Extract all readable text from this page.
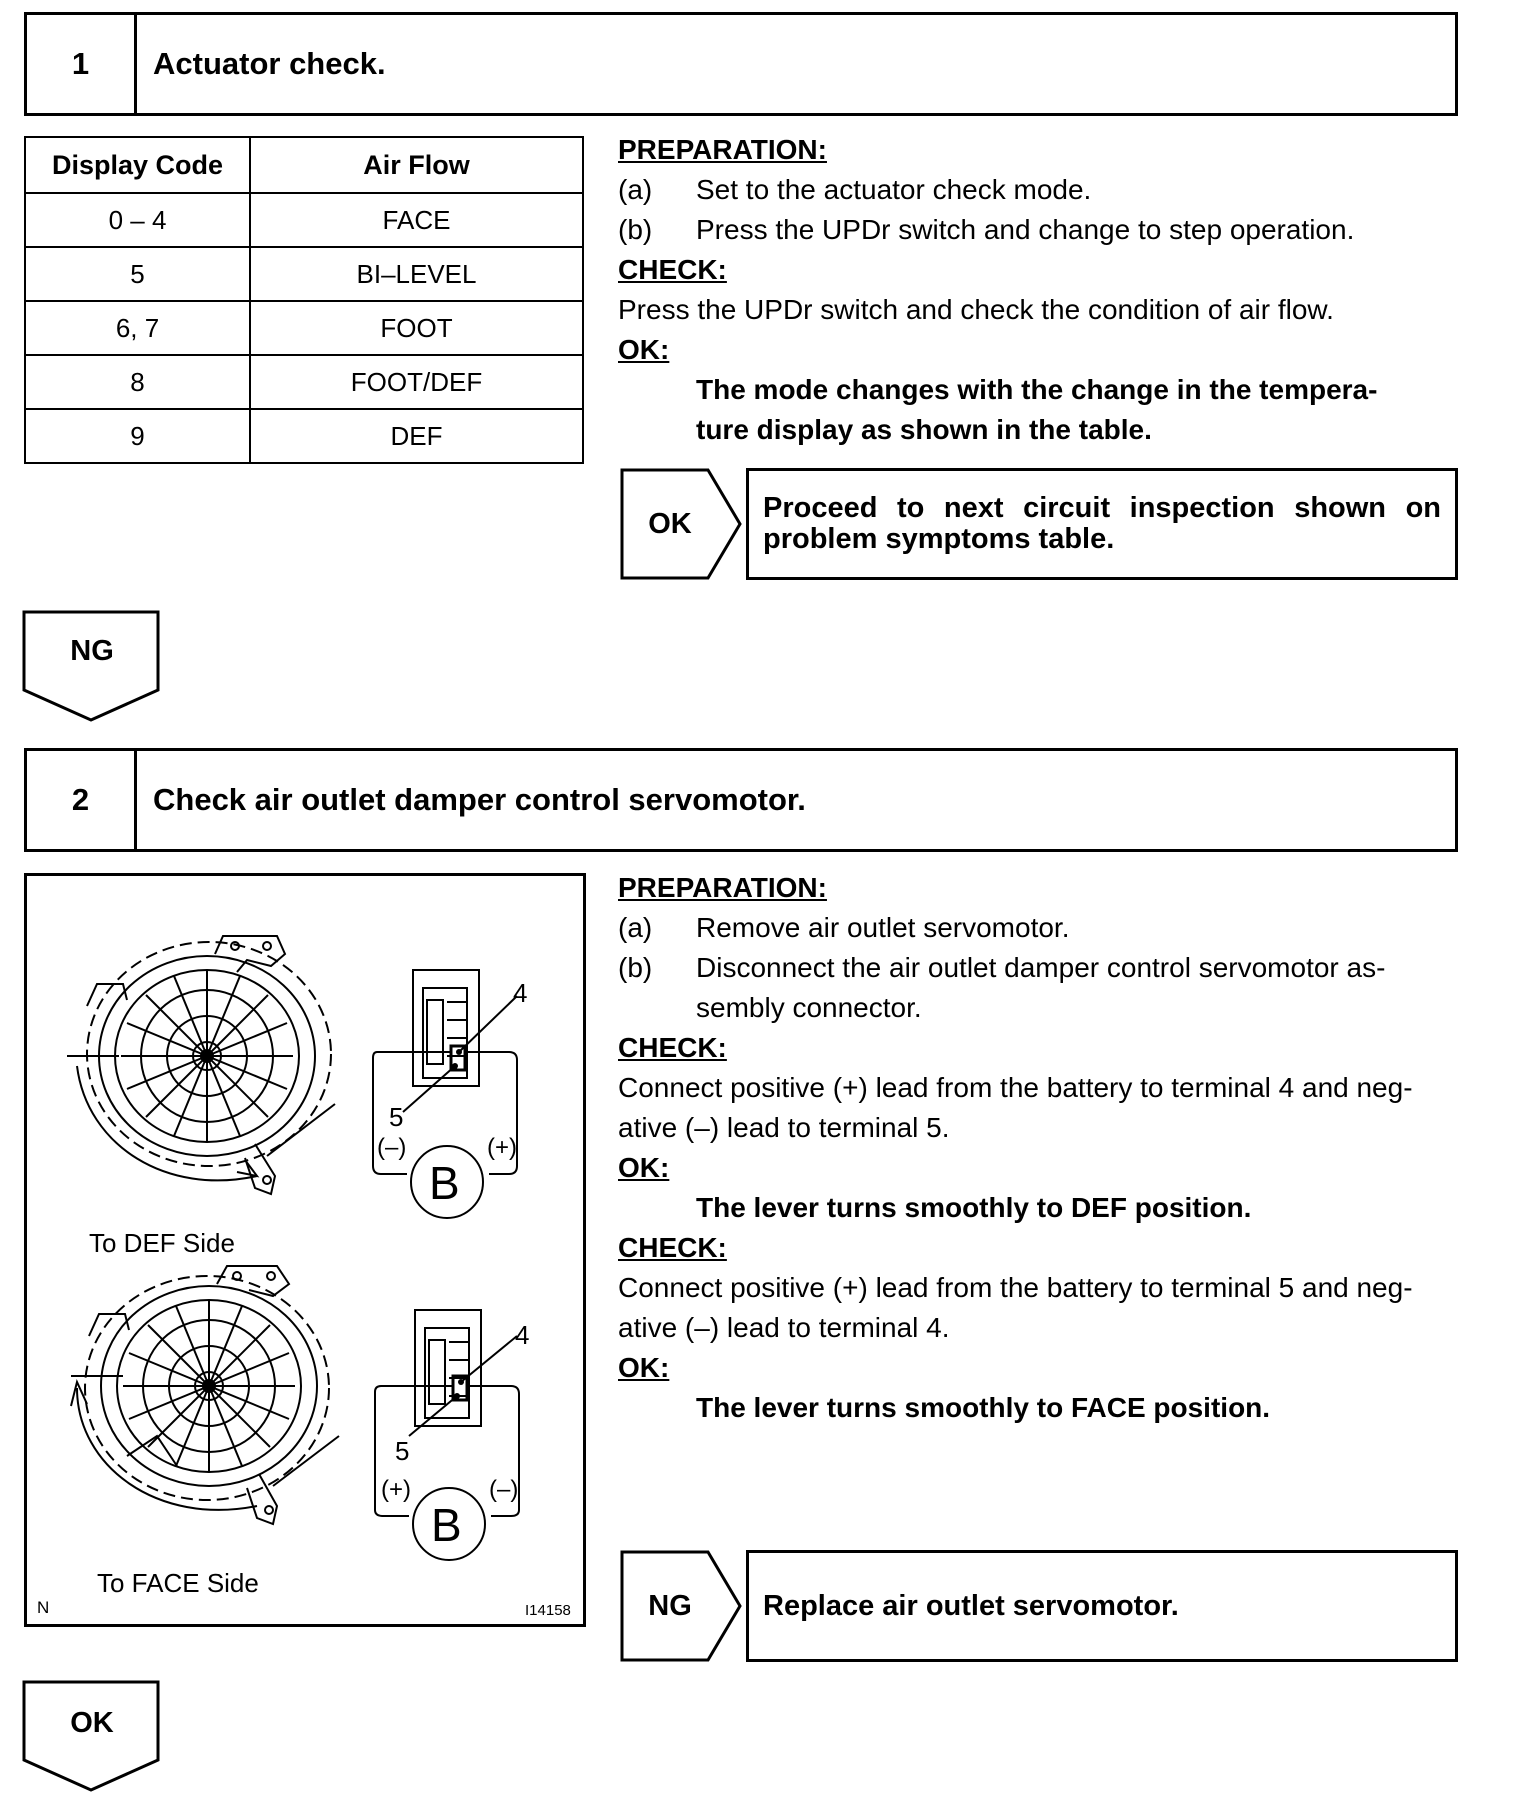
1	Actuator check.
Display Code	Air Flow
0 – 4	FACE
5	BI–LEVEL
6, 7	FOOT
8	FOOT/DEF
9	DEF
PREPARATION:
(a)	Set to the actuator check mode.
(b)	Press the UPDr switch and change to step operation.
CHECK:
Press the UPDr switch and check the condition of air flow.
OK:
The mode changes with the change in the tempera-
ture display as shown in the table.
OK	Proceed to next circuit inspection shown on
problem symptoms table.
NG
2	Check air outlet damper control servomotor.
4
5
(–)	(+)
B
To DEF Side
4
5
(+)	(–)
B
To FACE Side
N	I14158
PREPARATION:
(a)	Remove air outlet servomotor.
(b)	Disconnect the air outlet damper control servomotor as-
sembly connector.
CHECK:
Connect positive (+) lead from the battery to terminal 4 and neg-
ative (–) lead to terminal 5.
OK:
The lever turns smoothly to DEF position.
CHECK:
Connect positive (+) lead from the battery to terminal 5 and neg-
ative (–) lead to terminal 4.
OK:
The lever turns smoothly to FACE position.
NG	Replace air outlet servomotor.
OK
